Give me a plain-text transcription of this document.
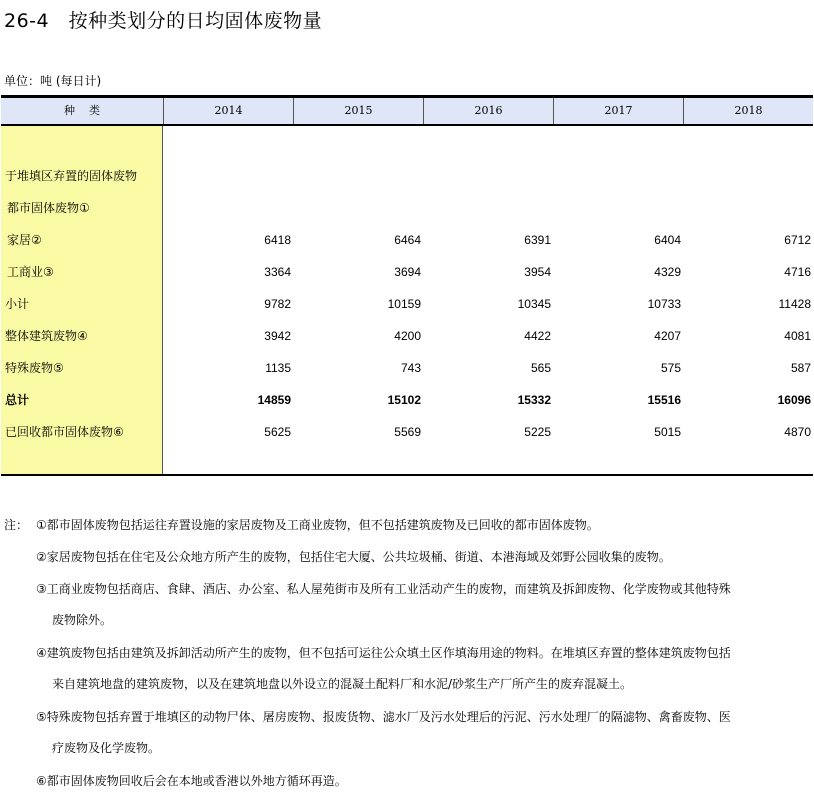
26-4　按种类划分的日均固体废物量
单位：吨 (每日计)
种类	2014	2015	2016	2017	2018
于堆填区弃置的固体废物
都市固体废物①
家居②	6418	6464	6391	6404	6712
工商业③	3364	3694	3954	4329	4716
小计	9782	10159	10345	10733	11428
整体建筑废物④	3942	4200	4422	4207	4081
特殊废物⑤	1135	743	565	575	587
总计	14859	15102	15332	15516	16096
已回收都市固体废物⑥	5625	5569	5225	5015	4870
注： ①都市固体废物包括运往弃置设施的家居废物及工商业废物，但不包括建筑废物及已回收的都市固体废物。
②家居废物包括在住宅及公众地方所产生的废物，包括住宅大厦、公共垃圾桶、街道、本港海域及郊野公园收集的废物。
③工商业废物包括商店、食肆、酒店、办公室、私人屋苑街市及所有工业活动产生的废物，而建筑及拆卸废物、化学废物或其他特殊
废物除外。
④建筑废物包括由建筑及拆卸活动所产生的废物，但不包括可运往公众填土区作填海用途的物料。在堆填区弃置的整体建筑废物包括
来自建筑地盘的建筑废物，以及在建筑地盘以外设立的混凝土配料厂和水泥/砂浆生产厂所产生的废弃混凝土。
⑤特殊废物包括弃置于堆填区的动物尸体、屠房废物、报废货物、滤水厂及污水处理后的污泥、污水处理厂的隔滤物、禽畜废物、医
疗废物及化学废物。
⑥都市固体废物回收后会在本地或香港以外地方循环再造。
